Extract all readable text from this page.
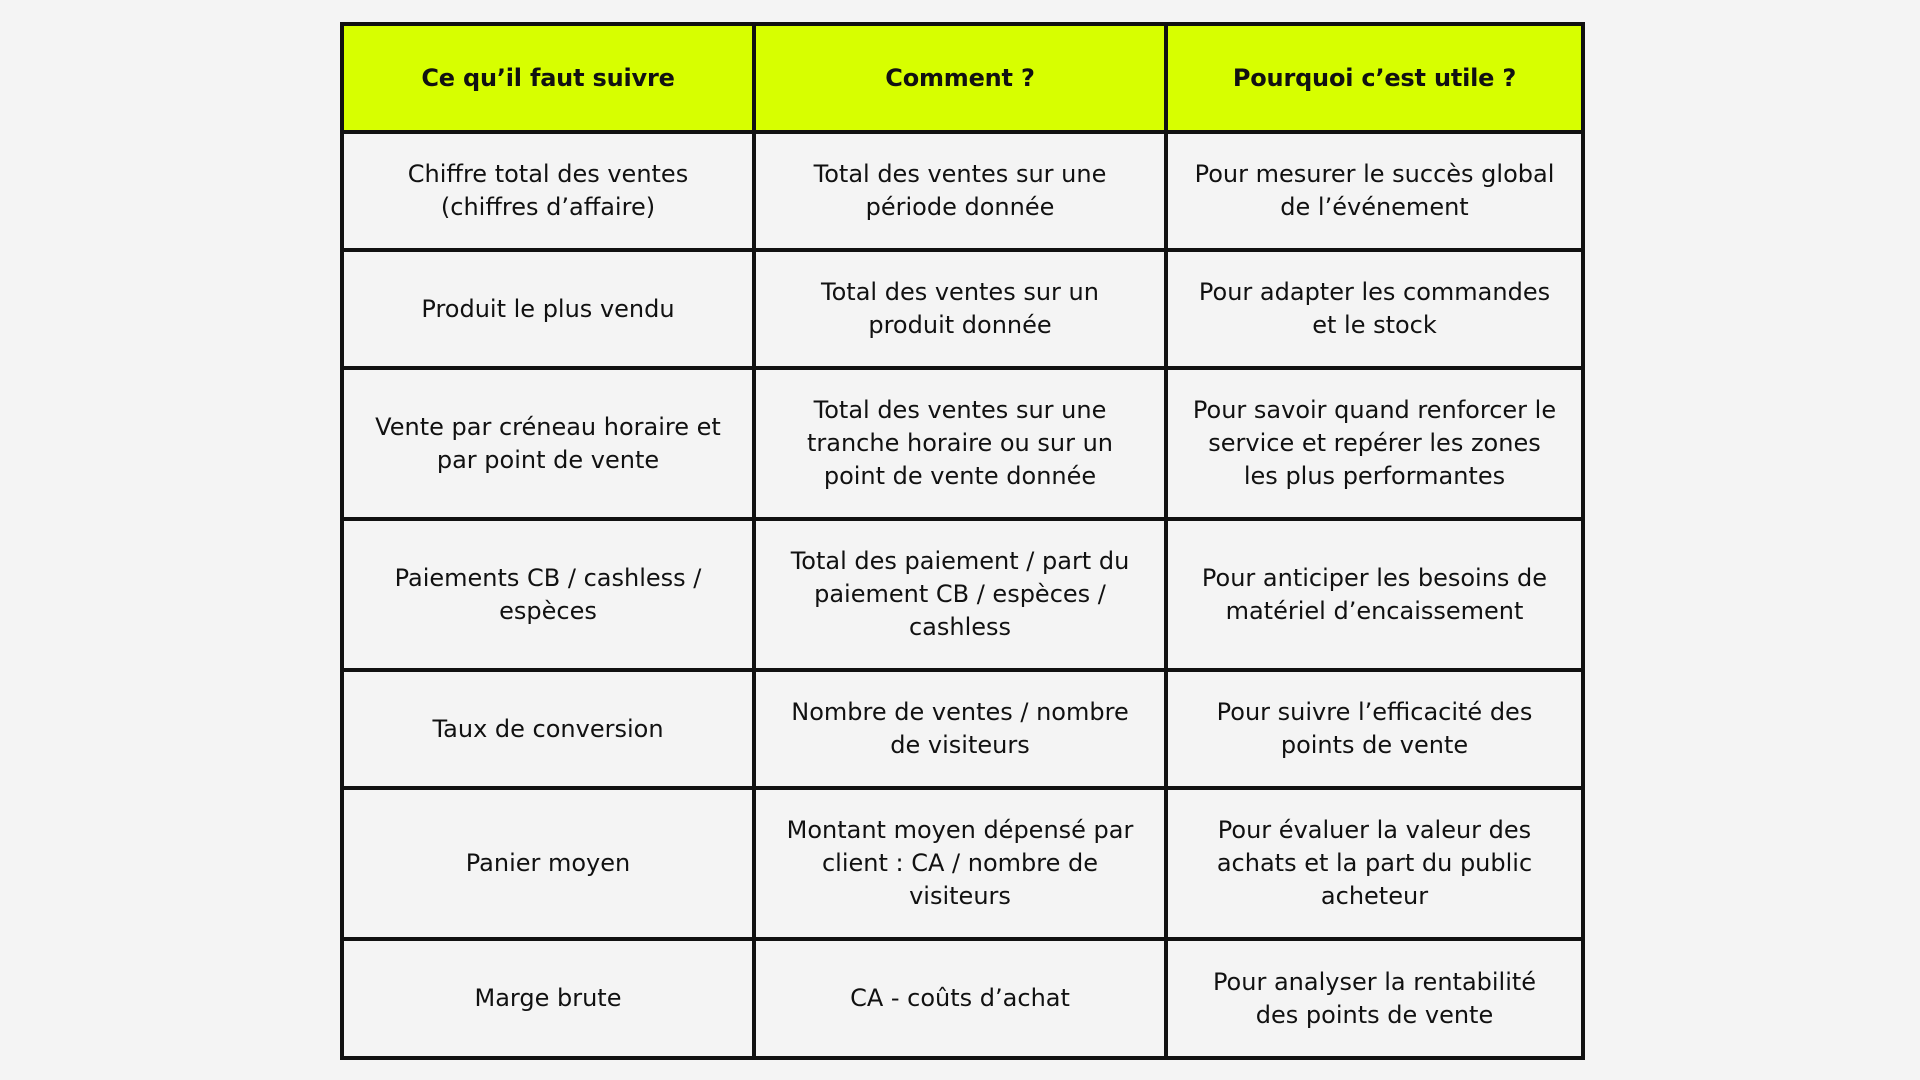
Ce qu’il faut suivre	Comment ?	Pourquoi c’est utile ?
Chiffre total des ventes (chiffres d’affaire)	Total des ventes sur une période donnée	Pour mesurer le succès global de l’événement
Produit le plus vendu	Total des ventes sur un produit donnée	Pour adapter les commandes et le stock
Vente par créneau horaire et par point de vente	Total des ventes sur une tranche horaire ou sur un point de vente donnée	Pour savoir quand renforcer le service et repérer les zones les plus performantes
Paiements CB / cashless / espèces	Total des paiement / part du paiement CB / espèces / cashless	Pour anticiper les besoins de matériel d’encaissement
Taux de conversion	Nombre de ventes / nombre de visiteurs	Pour suivre l’efficacité des points de vente
Panier moyen	Montant moyen dépensé par client : CA / nombre de visiteurs	Pour évaluer la valeur des achats et la part du public acheteur
Marge brute	CA - coûts d’achat	Pour analyser la rentabilité des points de vente
